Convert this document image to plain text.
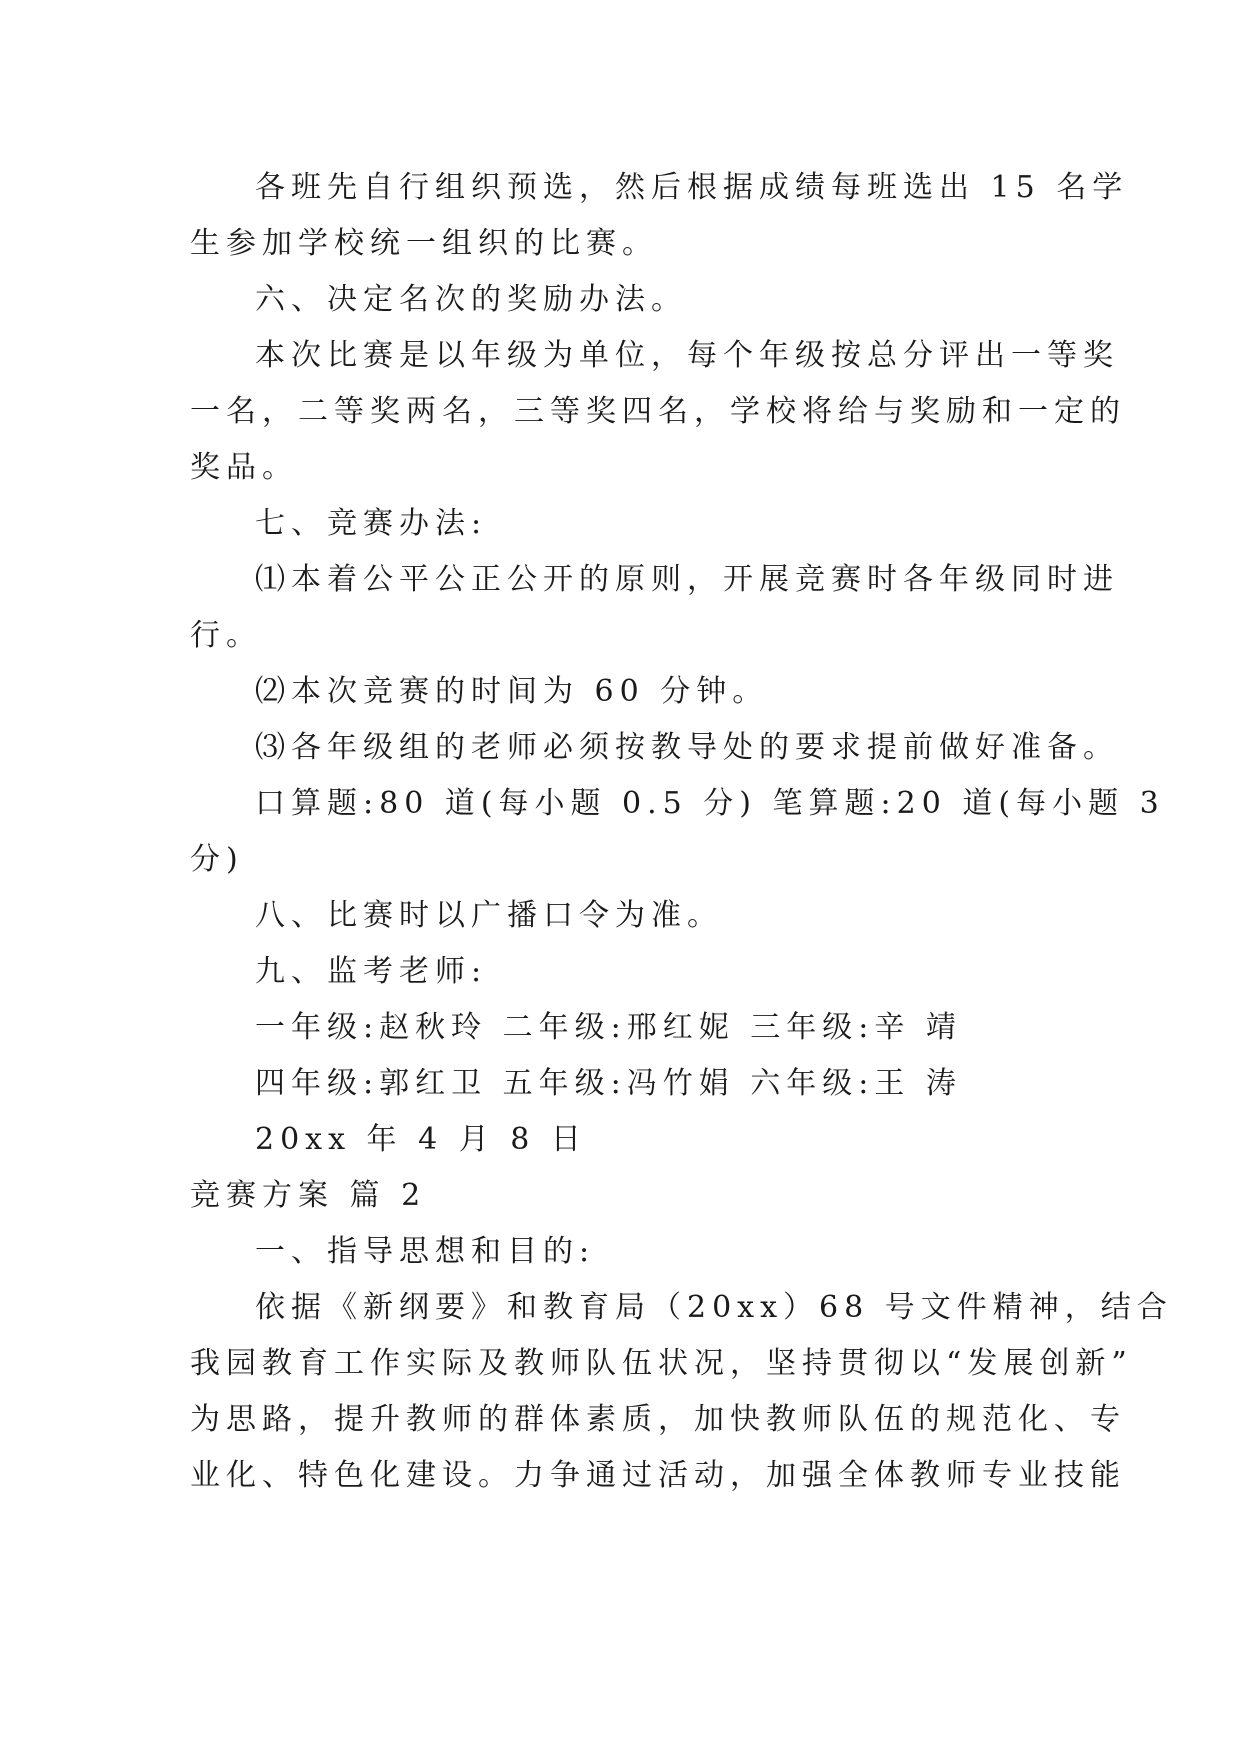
各班先自行组织预选，然后根据成绩每班选出 15 名学
生参加学校统一组织的比赛。
六、决定名次的奖励办法。
本次比赛是以年级为单位，每个年级按总分评出一等奖
一名，二等奖两名，三等奖四名，学校将给与奖励和一定的
奖品。
七、竞赛办法:
⑴本着公平公正公开的原则，开展竞赛时各年级同时进
行。
⑵本次竞赛的时间为 60 分钟。
⑶各年级组的老师必须按教导处的要求提前做好准备。
口算题:80 道(每小题 0.5 分) 笔算题:20 道(每小题 3
分)
八、比赛时以广播口令为准。
九、监考老师:
一年级:赵秋玲 二年级:邢红妮 三年级:辛 靖
四年级:郭红卫 五年级:冯竹娟 六年级:王 涛
20xx 年 4 月 8 日
竞赛方案 篇 2
一、指导思想和目的:
依据《新纲要》和教育局（20xx）68 号文件精神，结合
我园教育工作实际及教师队伍状况，坚持贯彻以“发展创新”
为思路，提升教师的群体素质，加快教师队伍的规范化、专
业化、特色化建设。力争通过活动，加强全体教师专业技能
